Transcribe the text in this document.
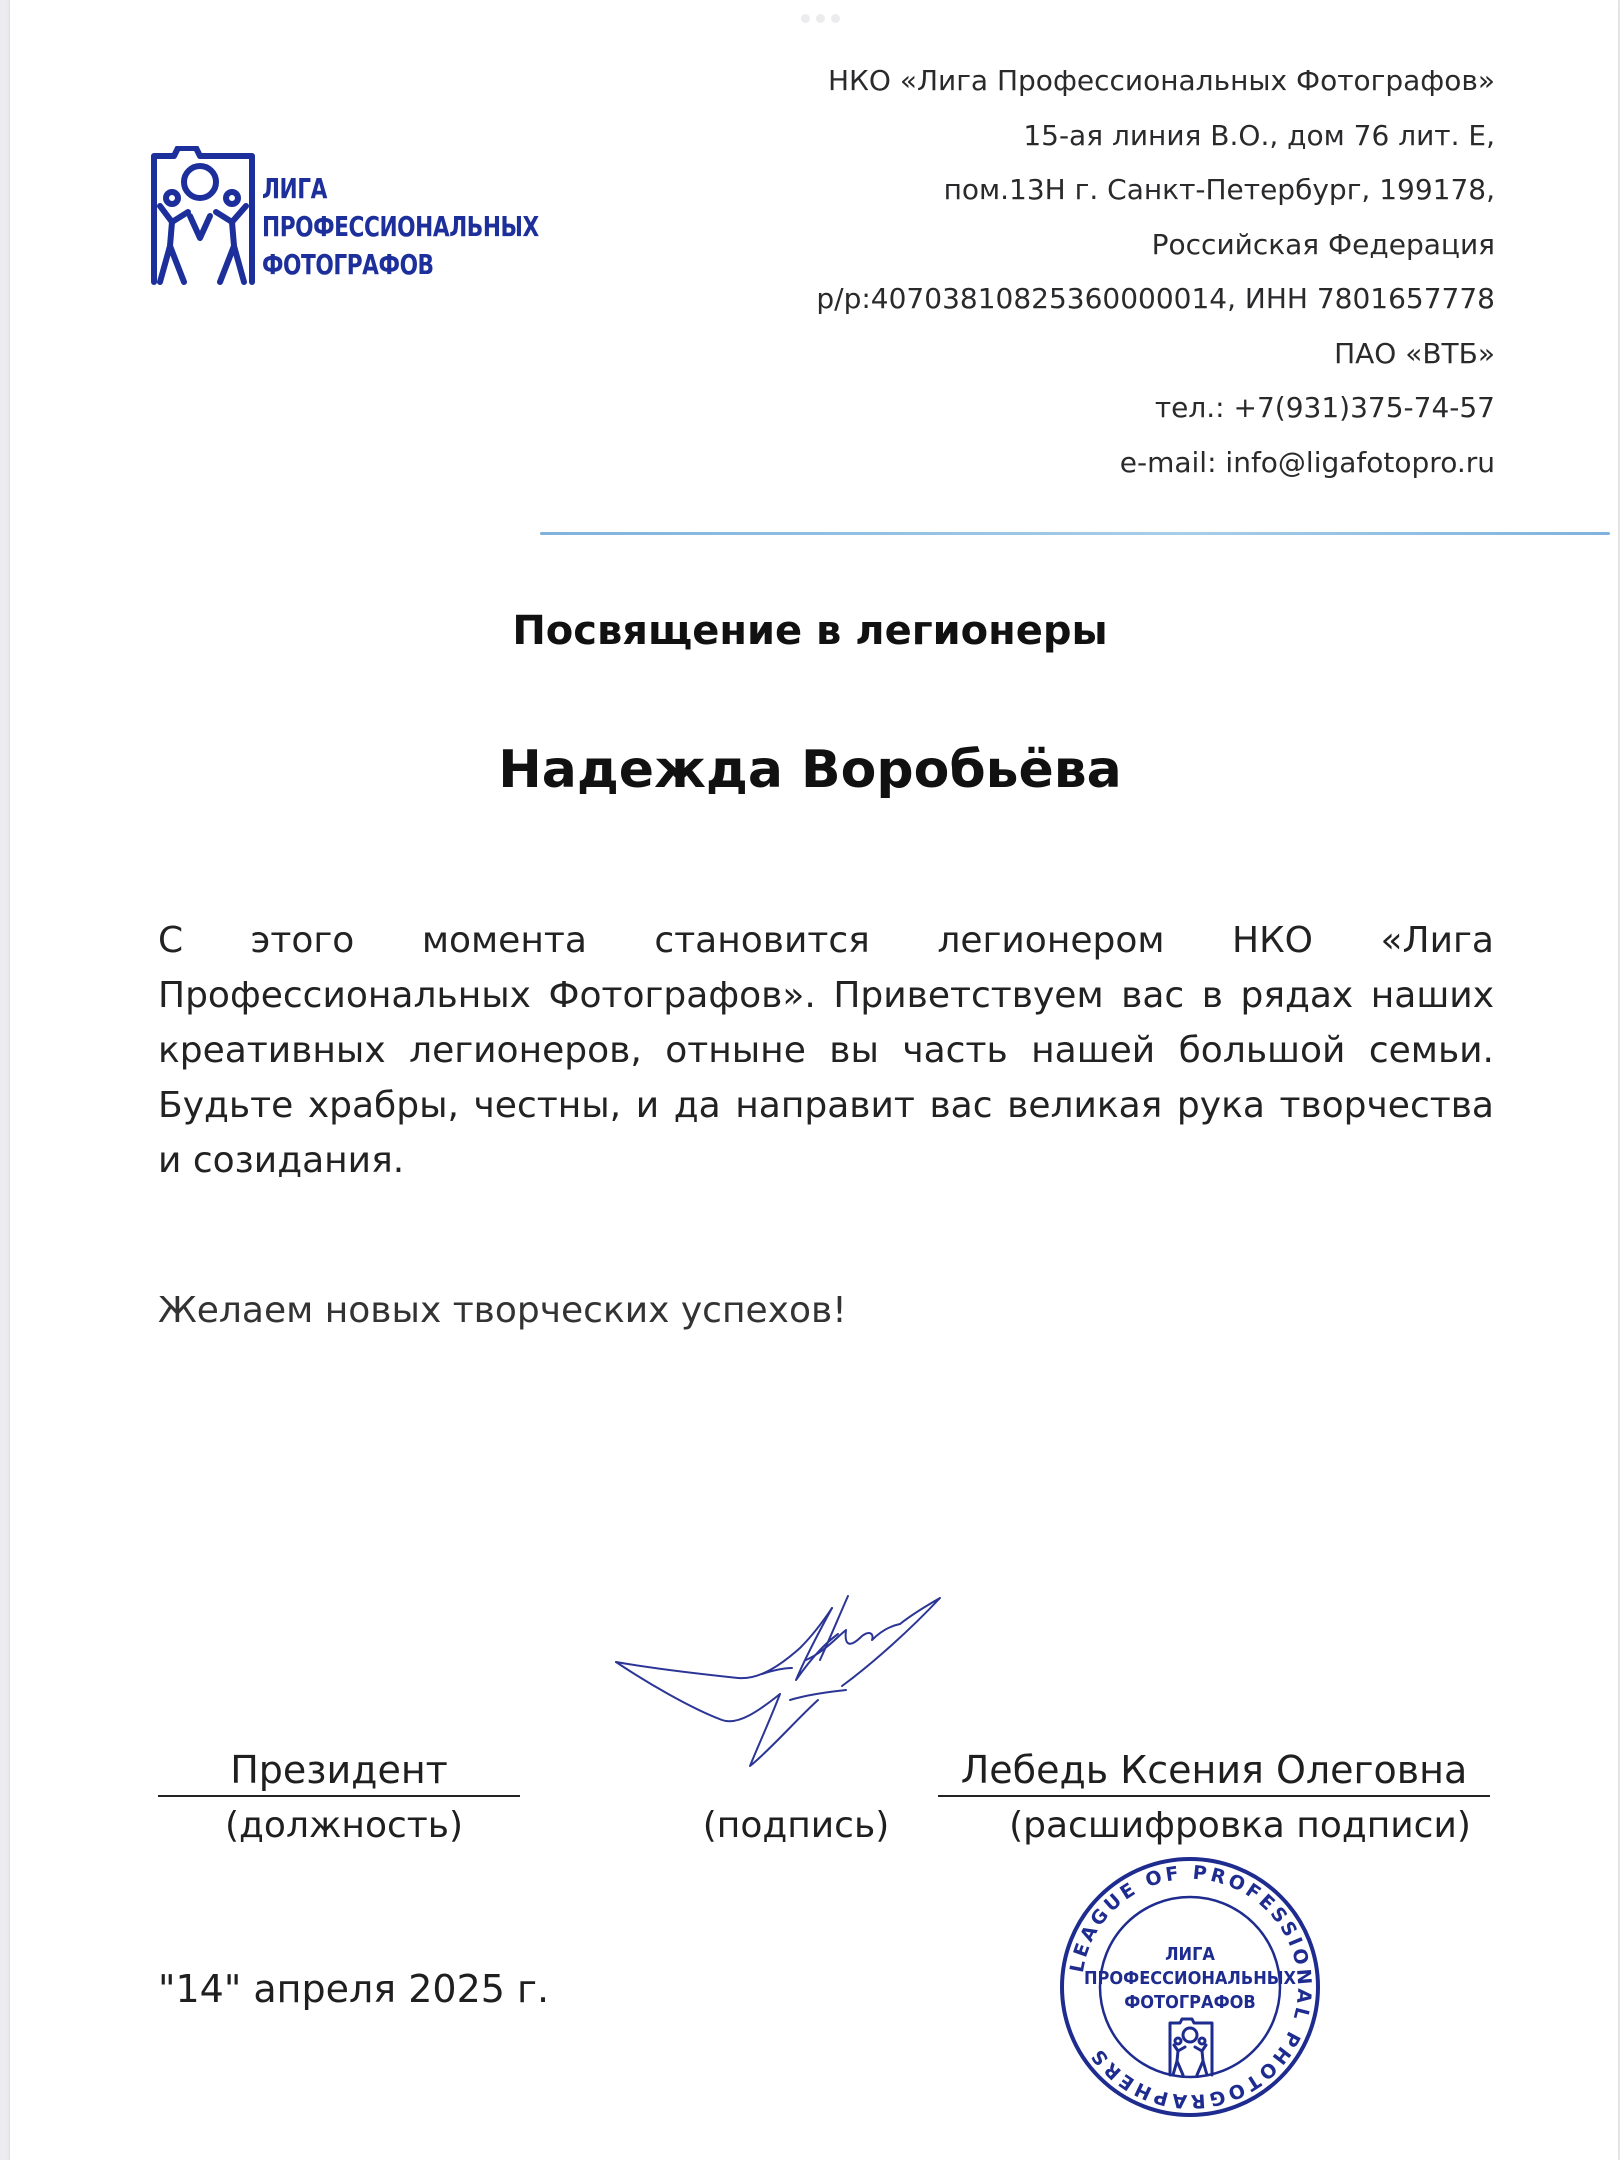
ЛИГА
ПРОФЕССИОНАЛЬНЫХ
ФОТОГРАФОВ
НКО «Лига Профессиональных Фотографов»
15-ая линия В.О., дом 76 лит. Е,
пом.13Н г. Санкт-Петербург, 199178,
Российская Федерация
р/р:40703810825360000014, ИНН 7801657778
ПАО «ВТБ»
тел.: +7(931)375-74-57
e-mail: info@ligafotopro.ru
Посвящение в легионеры
Надежда Воробьёва
С этого момента становится легионером НКО «Лига Профессиональных Фотографов». Приветствуем вас в рядах наших креативных легионеров, отныне вы часть нашей большой семьи. Будьте храбры, честны, и да направит вас великая рука творчества и созидания.
Желаем новых творческих успехов!
Президент
(должность)	(подпись)
Лебедь Ксения Олеговна
(расшифровка подписи)
"14" апреля 2025 г.
LEAGUE OF PROFESSIONAL PHOTOGRAPHERS
ЛИГА
ПРОФЕССИОНАЛЬНЫХ
ФОТОГРАФОВ
